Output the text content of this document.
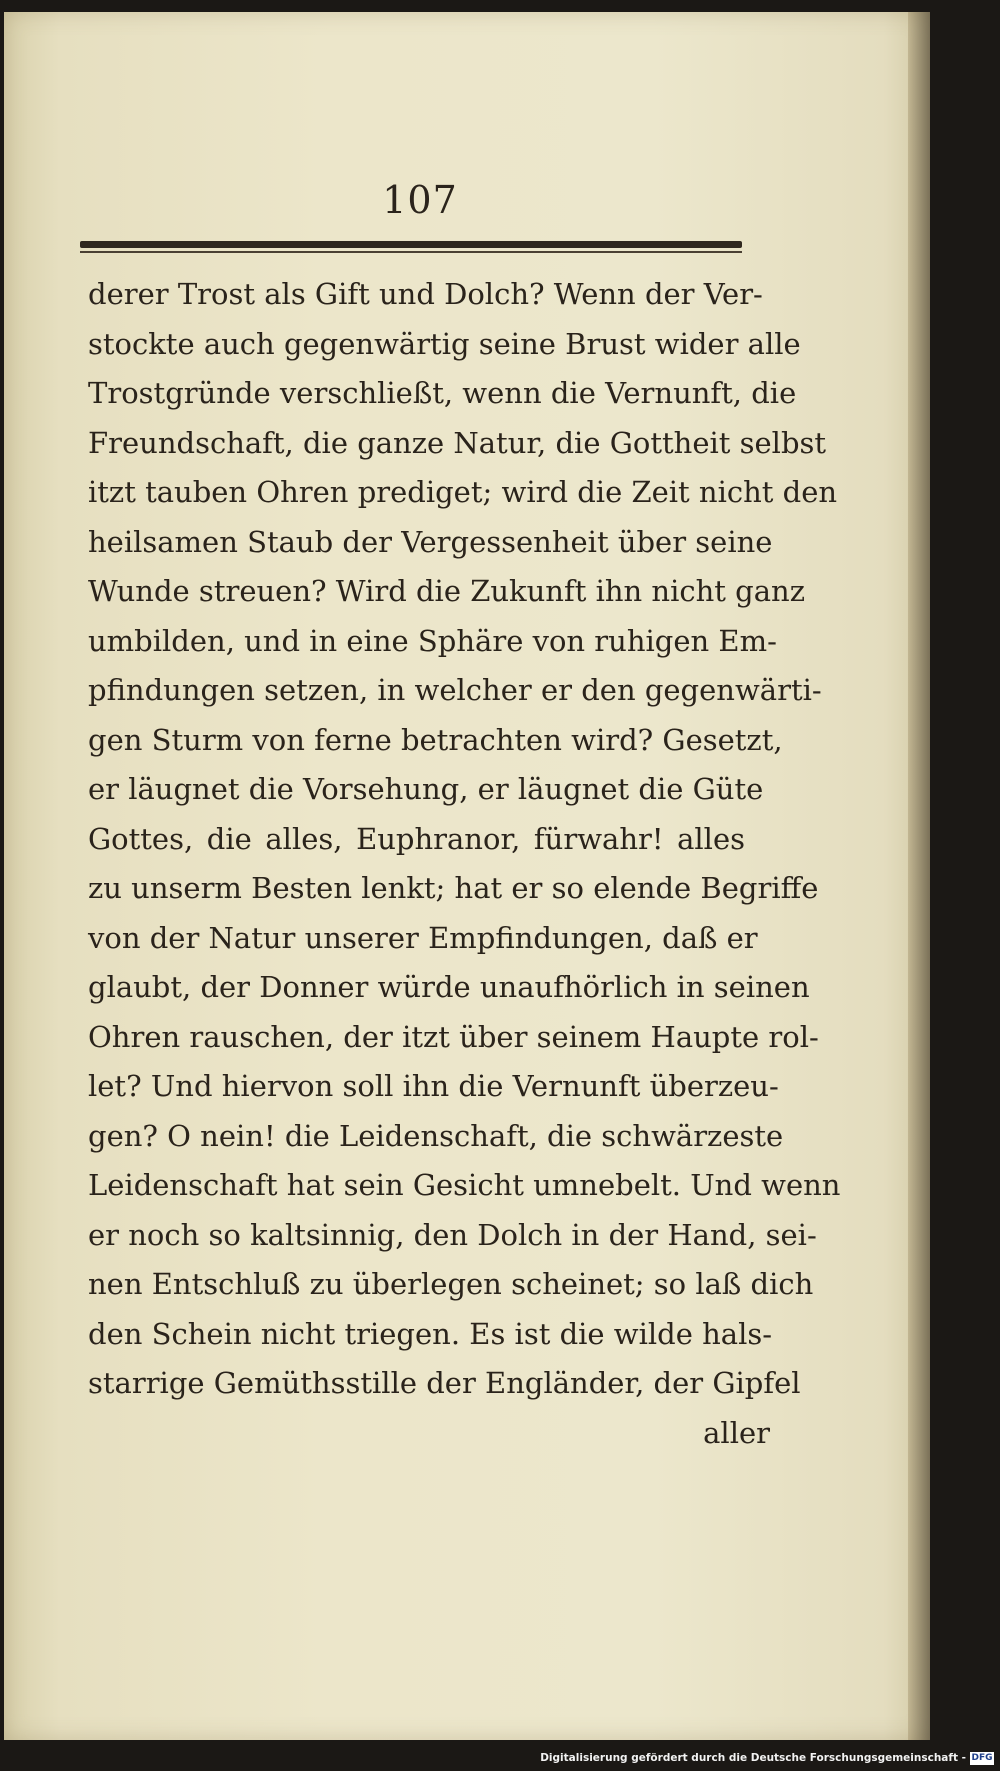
107
derer Trost als Gift und Dolch? Wenn der Ver-
stockte auch gegenwärtig seine Brust wider alle
Trostgründe verschließt, wenn die Vernunft, die
Freundschaft, die ganze Natur, die Gottheit selbst
itzt tauben Ohren prediget; wird die Zeit nicht den
heilsamen Staub der Vergessenheit über seine
Wunde streuen? Wird die Zukunft ihn nicht ganz
umbilden, und in eine Sphäre von ruhigen Em-
pfindungen setzen, in welcher er den gegenwärti-
gen Sturm von ferne betrachten wird? Gesetzt,
er läugnet die Vorsehung, er läugnet die Güte
Gottes, die alles, Euphranor, fürwahr! alles
zu unserm Besten lenkt; hat er so elende Begriffe
von der Natur unserer Empfindungen, daß er
glaubt, der Donner würde unaufhörlich in seinen
Ohren rauschen, der itzt über seinem Haupte rol-
let? Und hiervon soll ihn die Vernunft überzeu-
gen? O nein! die Leidenschaft, die schwärzeste
Leidenschaft hat sein Gesicht umnebelt. Und wenn
er noch so kaltsinnig, den Dolch in der Hand, sei-
nen Entschluß zu überlegen scheinet; so laß dich
den Schein nicht triegen. Es ist die wilde hals-
starrige Gemüthsstille der Engländer, der Gipfel
aller
Digitalisierung gefördert durch die Deutsche Forschungsgemeinschaft - DFG
